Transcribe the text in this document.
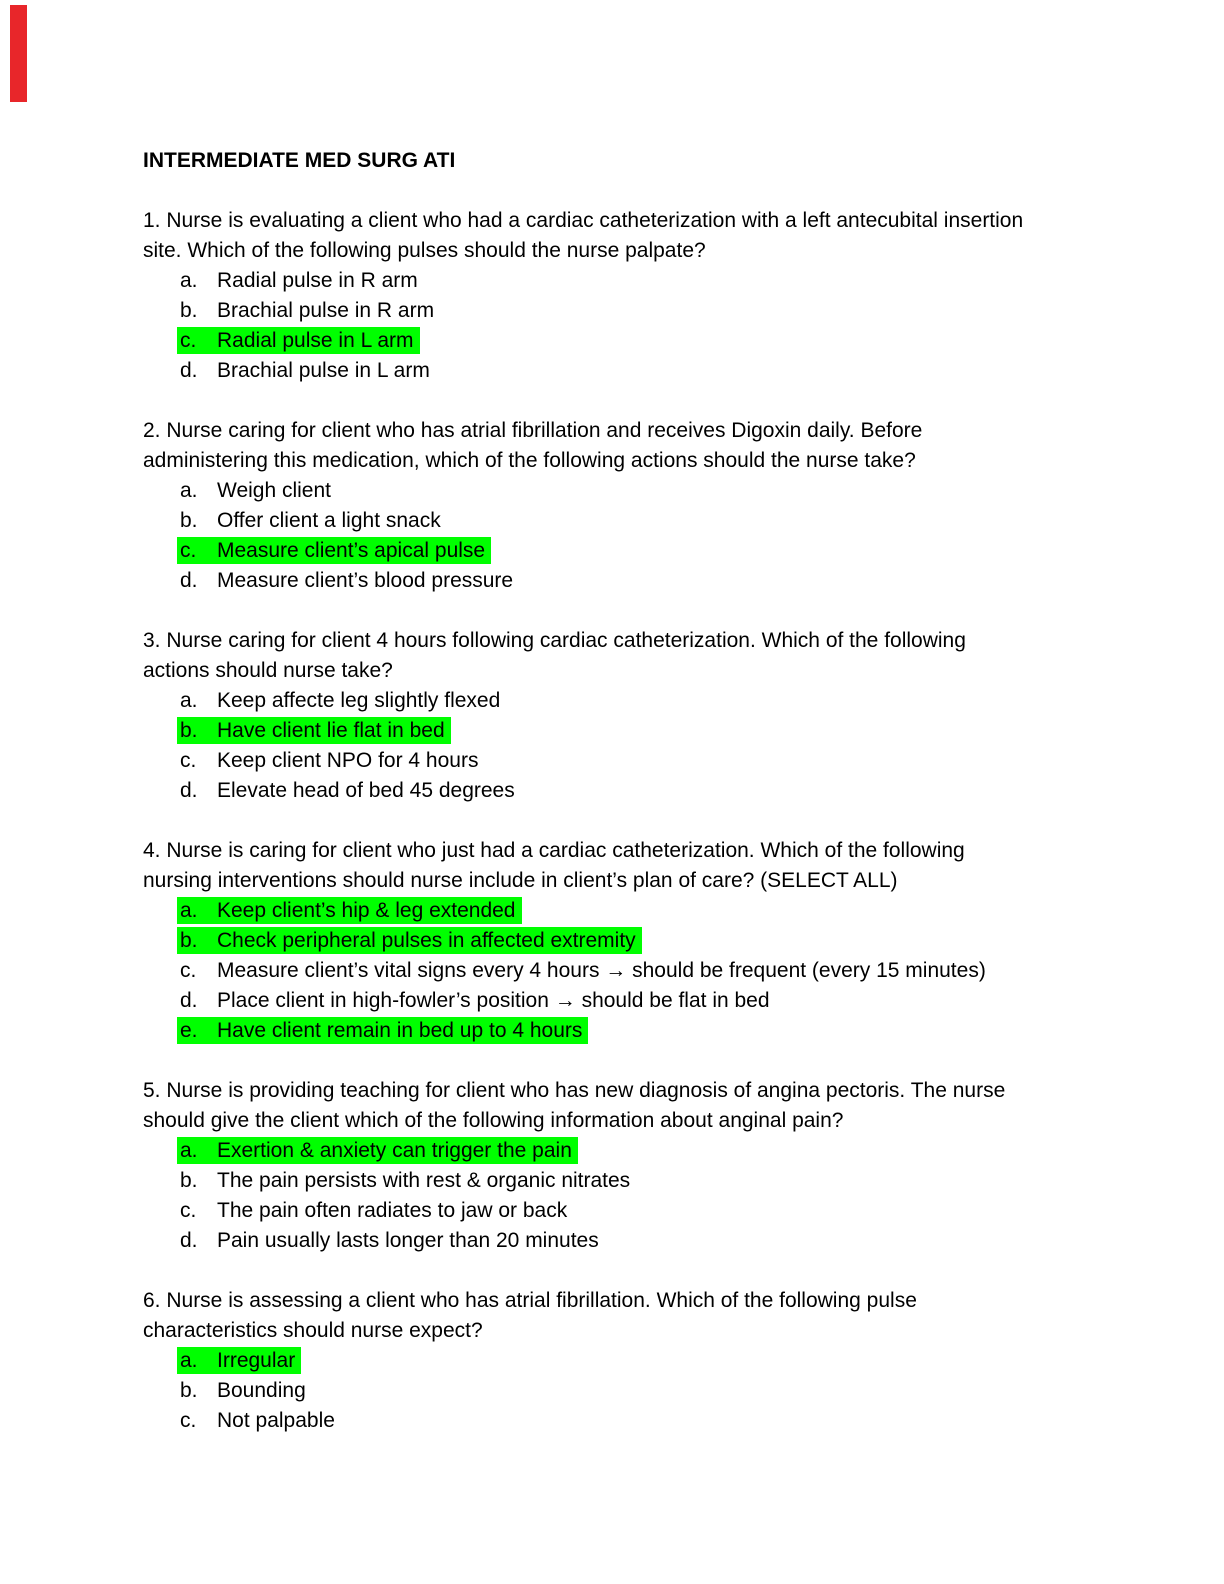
INTERMEDIATE MED SURG ATI

1. Nurse is evaluating a client who had a cardiac catheterization with a left antecubital insertion
site. Which of the following pulses should the nurse palpate?

a. Radial pulse in R arm
b. Brachial pulse in R arm
c. Radial pulse in L arm
d. Brachial pulse in L arm

2. Nurse caring for client who has atrial fibrillation and receives Digoxin daily. Before
administering this medication, which of the following actions should the nurse take?

a. Weigh client
b. Offer client a light snack
c. Measure client’s apical pulse
d. Measure client’s blood pressure

3. Nurse caring for client 4 hours following cardiac catheterization. Which of the following
actions should nurse take?

a. Keep affecte leg slightly flexed
b. Have client lie flat in bed
c. Keep client NPO for 4 hours
d. Elevate head of bed 45 degrees

4. Nurse is caring for client who just had a cardiac catheterization. Which of the following
nursing interventions should nurse include in client’s plan of care? (SELECT ALL)

a. Keep client’s hip & leg extended
b. Check peripheral pulses in affected extremity
c. Measure client’s vital signs every 4 hours → should be frequent (every 15 minutes)
d. Place client in high-fowler’s position → should be flat in bed
e. Have client remain in bed up to 4 hours

5. Nurse is providing teaching for client who has new diagnosis of angina pectoris. The nurse
should give the client which of the following information about anginal pain?

a. Exertion & anxiety can trigger the pain
b. The pain persists with rest & organic nitrates
c. The pain often radiates to jaw or back
d. Pain usually lasts longer than 20 minutes

6. Nurse is assessing a client who has atrial fibrillation. Which of the following pulse
characteristics should nurse expect?

a. Irregular
b. Bounding
c. Not palpable
